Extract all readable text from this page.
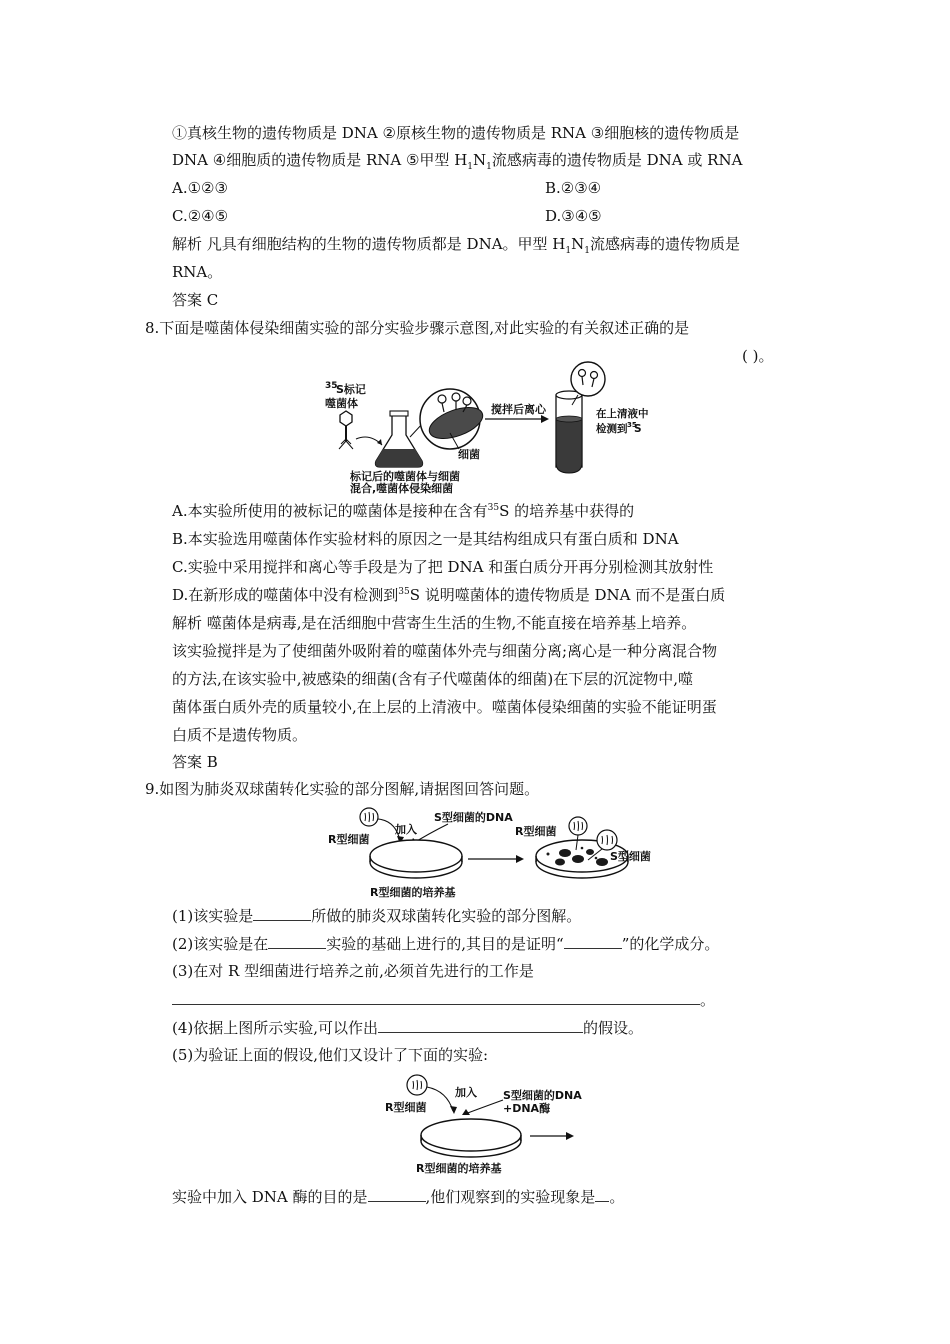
①真核生物的遗传物质是 DNA ②原核生物的遗传物质是 RNA ③细胞核的遗传物质是
DNA ④细胞质的遗传物质是 RNA ⑤甲型 $H_1N_1$流感病毒的遗传物质是 DNA 或 RNA
A.①②③	B.②③④
C.②④⑤	D.③④⑤
解析 凡具有细胞结构的生物的遗传物质都是 DNA。甲型 $H_1N_1$流感病毒的遗传物质是
RNA。
答案 C
8.下面是噬菌体侵染细菌实验的部分实验步骤示意图,对此实验的有关叙述正确的是
( )。
35
S标记
噬菌体
细菌
标记后的噬菌体与细菌
混合,噬菌体侵染细菌
搅拌后离心	在上清液中
检测到 35
S
A.本实验所使用的被标记的噬菌体是接种在含有$^{35}$S 的培养基中获得的
B.本实验选用噬菌体作实验材料的原因之一是其结构组成只有蛋白质和 DNA
C.实验中采用搅拌和离心等手段是为了把 DNA 和蛋白质分开再分别检测其放射性
D.在新形成的噬菌体中没有检测到$^{35}$S 说明噬菌体的遗传物质是 DNA 而不是蛋白质
解析 噬菌体是病毒,是在活细胞中营寄生生活的生物,不能直接在培养基上培养。
该实验搅拌是为了使细菌外吸附着的噬菌体外壳与细菌分离;离心是一种分离混合物
的方法,在该实验中,被感染的细菌(含有子代噬菌体的细菌)在下层的沉淀物中,噬
菌体蛋白质外壳的质量较小,在上层的上清液中。噬菌体侵染细菌的实验不能证明蛋
白质不是遗传物质。
答案 B
9.如图为肺炎双球菌转化实验的部分图解,请据图回答问题。
R型细菌
加入
S型细菌的DNA
R型细菌的培养基
R型细菌
S型细菌
(1)该实验是	所做的肺炎双球菌转化实验的部分图解。
(2)该实验是在	实验的基础上进行的,其目的是证明“	”的化学成分。
(3)在对 R 型细菌进行培养之前,必须首先进行的工作是
。
(4)依据上图所示实验,可以作出	的假设。
(5)为验证上面的假设,他们又设计了下面的实验:
R型细菌
加入 S型细菌的DNA
+DNA酶
R型细菌的培养基
实验中加入 DNA 酶的目的是	,他们观察到的实验现象是 。
